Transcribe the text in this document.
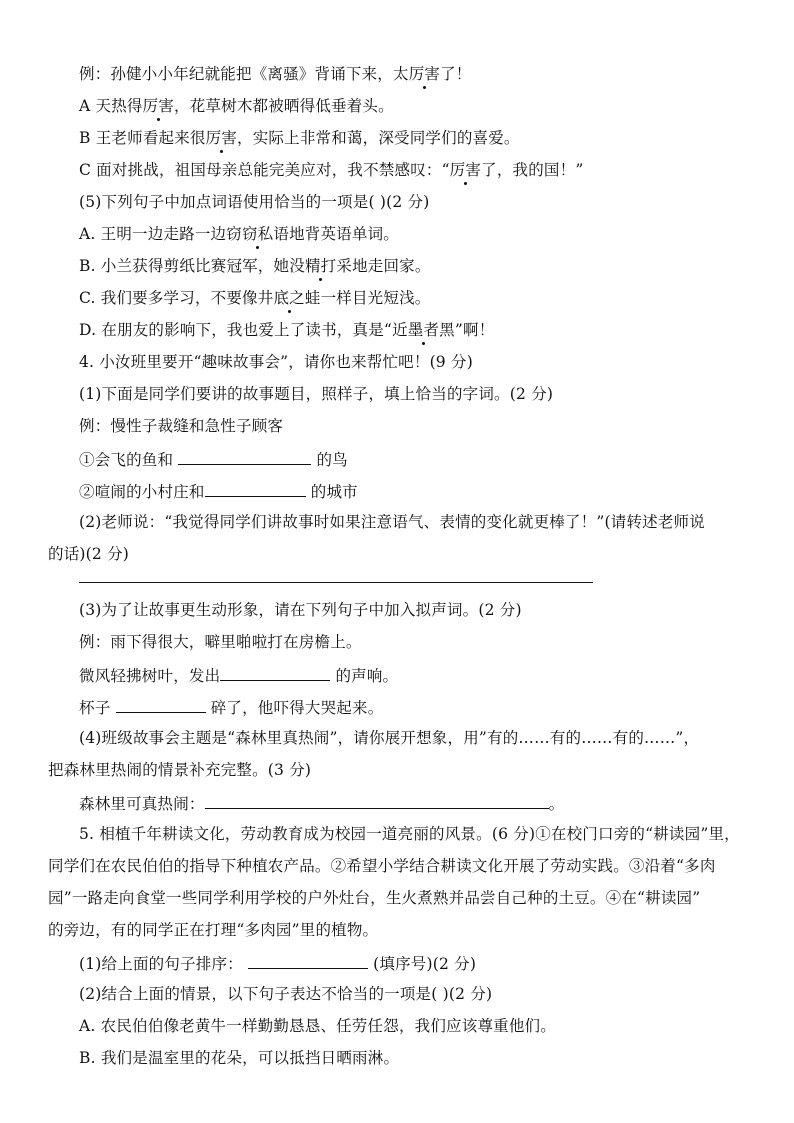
例：孙健小小年纪就能把《离骚》背诵下来，太厉害了！
A 天热得厉害，花草树木都被晒得低垂着头。
B 王老师看起来很厉害，实际上非常和蔼，深受同学们的喜爱。
C 面对挑战，祖国母亲总能完美应对，我不禁感叹：“厉害了，我的国！”
(5)下列句子中加点词语使用恰当的一项是( )(2 分)
A. 王明一边走路一边窃窃私语地背英语单词。
B. 小兰获得剪纸比赛冠军，她没精打采地走回家。
C. 我们要多学习，不要像井底之蛙一样目光短浅。
D. 在朋友的影响下，我也爱上了读书，真是“近墨者黑”啊！
4. 小汝班里要开“趣味故事会”，请你也来帮忙吧！(9 分)
(1)下面是同学们要讲的故事题目，照样子，填上恰当的字词。(2 分)
例：慢性子裁缝和急性子顾客
①会飞的鱼和	的鸟
②喧闹的小村庄和	的城市
(2)老师说：“我觉得同学们讲故事时如果注意语气、表情的变化就更棒了！”(请转述老师说
的话)(2 分)
(3)为了让故事更生动形象，请在下列句子中加入拟声词。(2 分)
例：雨下得很大，噼里啪啦打在房檐上。
微风轻拂树叶，发出	的声响。
杯子	碎了，他吓得大哭起来。
(4)班级故事会主题是“森林里真热闹”，请你展开想象，用”有的……有的……有的……”，
把森林里热闹的情景补充完整。(3 分)
森林里可真热闹：	。
5. 相植千年耕读文化，劳动教育成为校园一道亮丽的风景。(6 分)①在校门口旁的“耕读园”里，
同学们在农民伯伯的指导下种植农产品。②希望小学结合耕读文化开展了劳动实践。③沿着“多肉
园”一路走向食堂一些同学利用学校的户外灶台，生火煮熟并品尝自己种的土豆。④在“耕读园”
的旁边，有的同学正在打理“多肉园”里的植物。
(1)给上面的句子排序：	(填序号)(2 分)
(2)结合上面的情景，以下句子表达不恰当的一项是( )(2 分)
A. 农民伯伯像老黄牛一样勤勤恳恳、任劳任怨，我们应该尊重他们。
B. 我们是温室里的花朵，可以抵挡日晒雨淋。
